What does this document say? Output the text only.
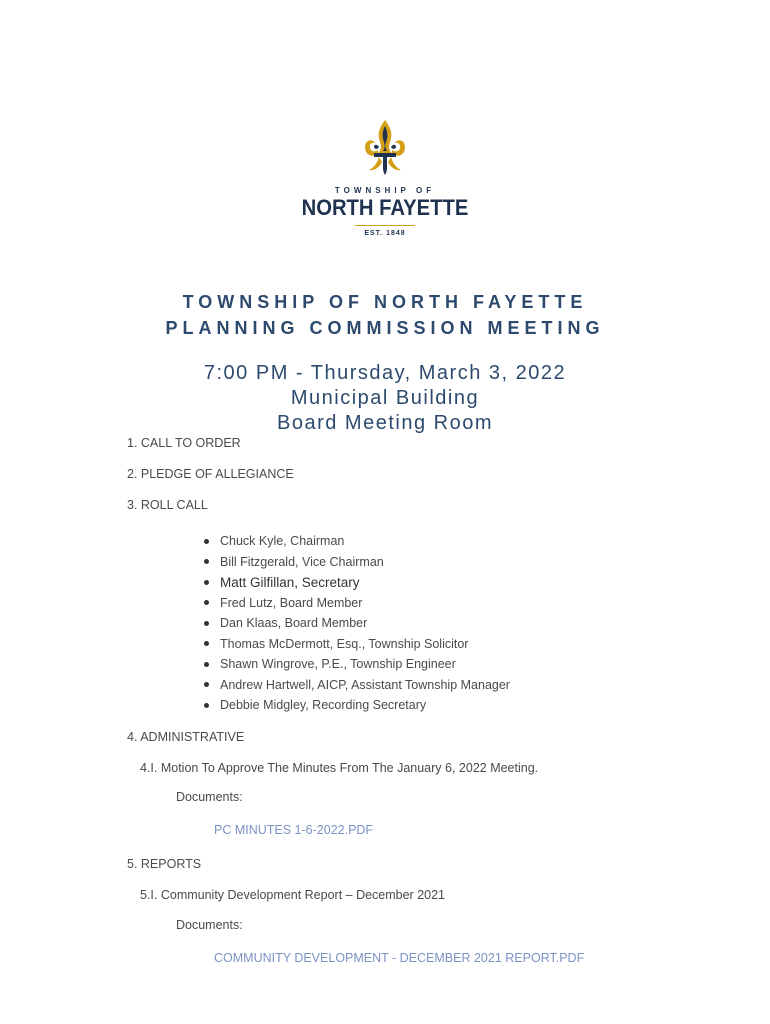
TOWNSHIP OF
NORTH FAYETTE
EST. 1848
TOWNSHIP OF NORTH FAYETTE
PLANNING COMMISSION MEETING
7:00 PM - Thursday, March 3, 2022
Municipal Building
Board Meeting Room
1. CALL TO ORDER
2. PLEDGE OF ALLEGIANCE
3. ROLL CALL
Chuck Kyle, Chairman
Bill Fitzgerald, Vice Chairman
Matt Gilfillan, Secretary
Fred Lutz, Board Member
Dan Klaas, Board Member
Thomas McDermott, Esq., Township Solicitor
Shawn Wingrove, P.E., Township Engineer
Andrew Hartwell, AICP, Assistant Township Manager
Debbie Midgley, Recording Secretary
4. ADMINISTRATIVE
4.I. Motion To Approve The Minutes From The January 6, 2022 Meeting.
Documents:
PC MINUTES 1-6-2022.PDF
5. REPORTS
5.I. Community Development Report – December 2021
Documents:
COMMUNITY DEVELOPMENT - DECEMBER 2021 REPORT.PDF
